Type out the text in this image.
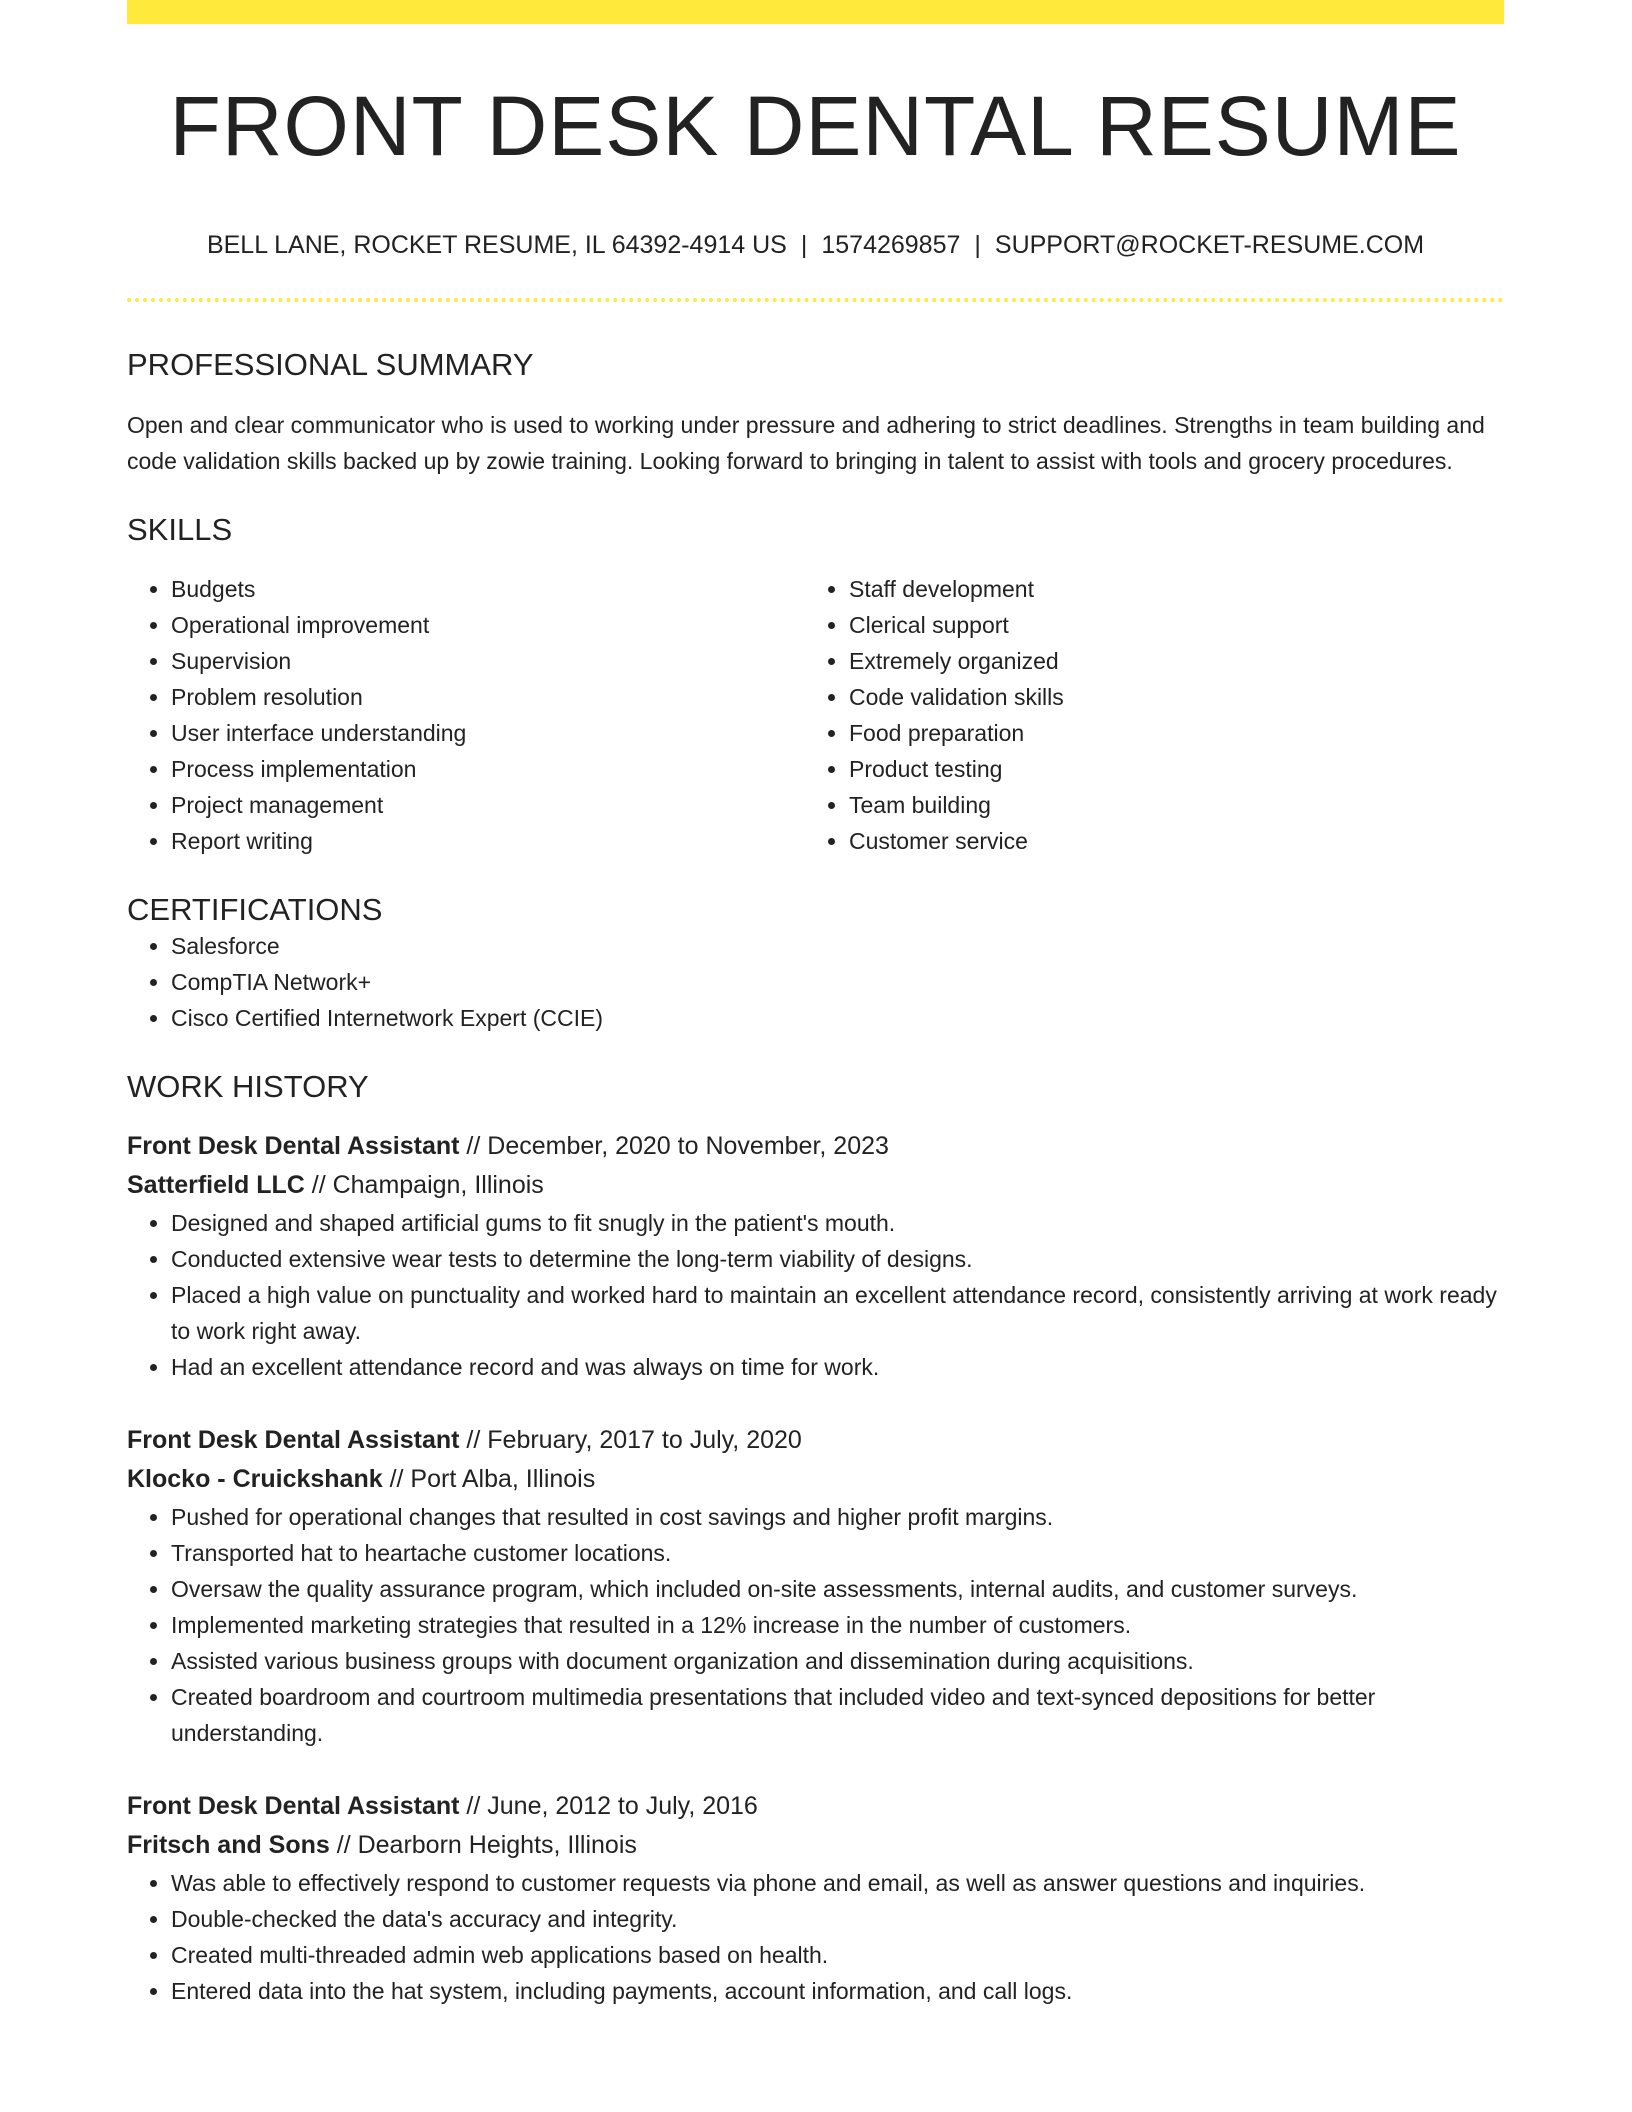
FRONT DESK DENTAL RESUME
BELL LANE, ROCKET RESUME, IL 64392-4914 US | 1574269857 | SUPPORT@ROCKET-RESUME.COM
PROFESSIONAL SUMMARY

Open and clear communicator who is used to working under pressure and adhering to strict deadlines. Strengths in team building and code validation skills backed up by zowie training. Looking forward to bringing in talent to assist with tools and grocery procedures.

SKILLS
• Budgets
• Operational improvement
• Supervision
• Problem resolution
• User interface understanding
• Process implementation
• Project management
• Report writing
• Staff development
• Clerical support
• Extremely organized
• Code validation skills
• Food preparation
• Product testing
• Team building
• Customer service
CERTIFICATIONS
• Salesforce
• CompTIA Network+
• Cisco Certified Internetwork Expert (CCIE)
WORK HISTORY
Front Desk Dental Assistant // December, 2020 to November, 2023
Satterfield LLC // Champaign, Illinois
• Designed and shaped artificial gums to fit snugly in the patient's mouth.
• Conducted extensive wear tests to determine the long-term viability of designs.
• Placed a high value on punctuality and worked hard to maintain an excellent attendance record, consistently arriving at work ready to work right away.
• Had an excellent attendance record and was always on time for work.
Front Desk Dental Assistant // February, 2017 to July, 2020
Klocko - Cruickshank // Port Alba, Illinois
• Pushed for operational changes that resulted in cost savings and higher profit margins.
• Transported hat to heartache customer locations.
• Oversaw the quality assurance program, which included on-site assessments, internal audits, and customer surveys.
• Implemented marketing strategies that resulted in a 12% increase in the number of customers.
• Assisted various business groups with document organization and dissemination during acquisitions.
• Created boardroom and courtroom multimedia presentations that included video and text-synced depositions for better understanding.
Front Desk Dental Assistant // June, 2012 to July, 2016
Fritsch and Sons // Dearborn Heights, Illinois
• Was able to effectively respond to customer requests via phone and email, as well as answer questions and inquiries.
• Double-checked the data's accuracy and integrity.
• Created multi-threaded admin web applications based on health.
• Entered data into the hat system, including payments, account information, and call logs.
